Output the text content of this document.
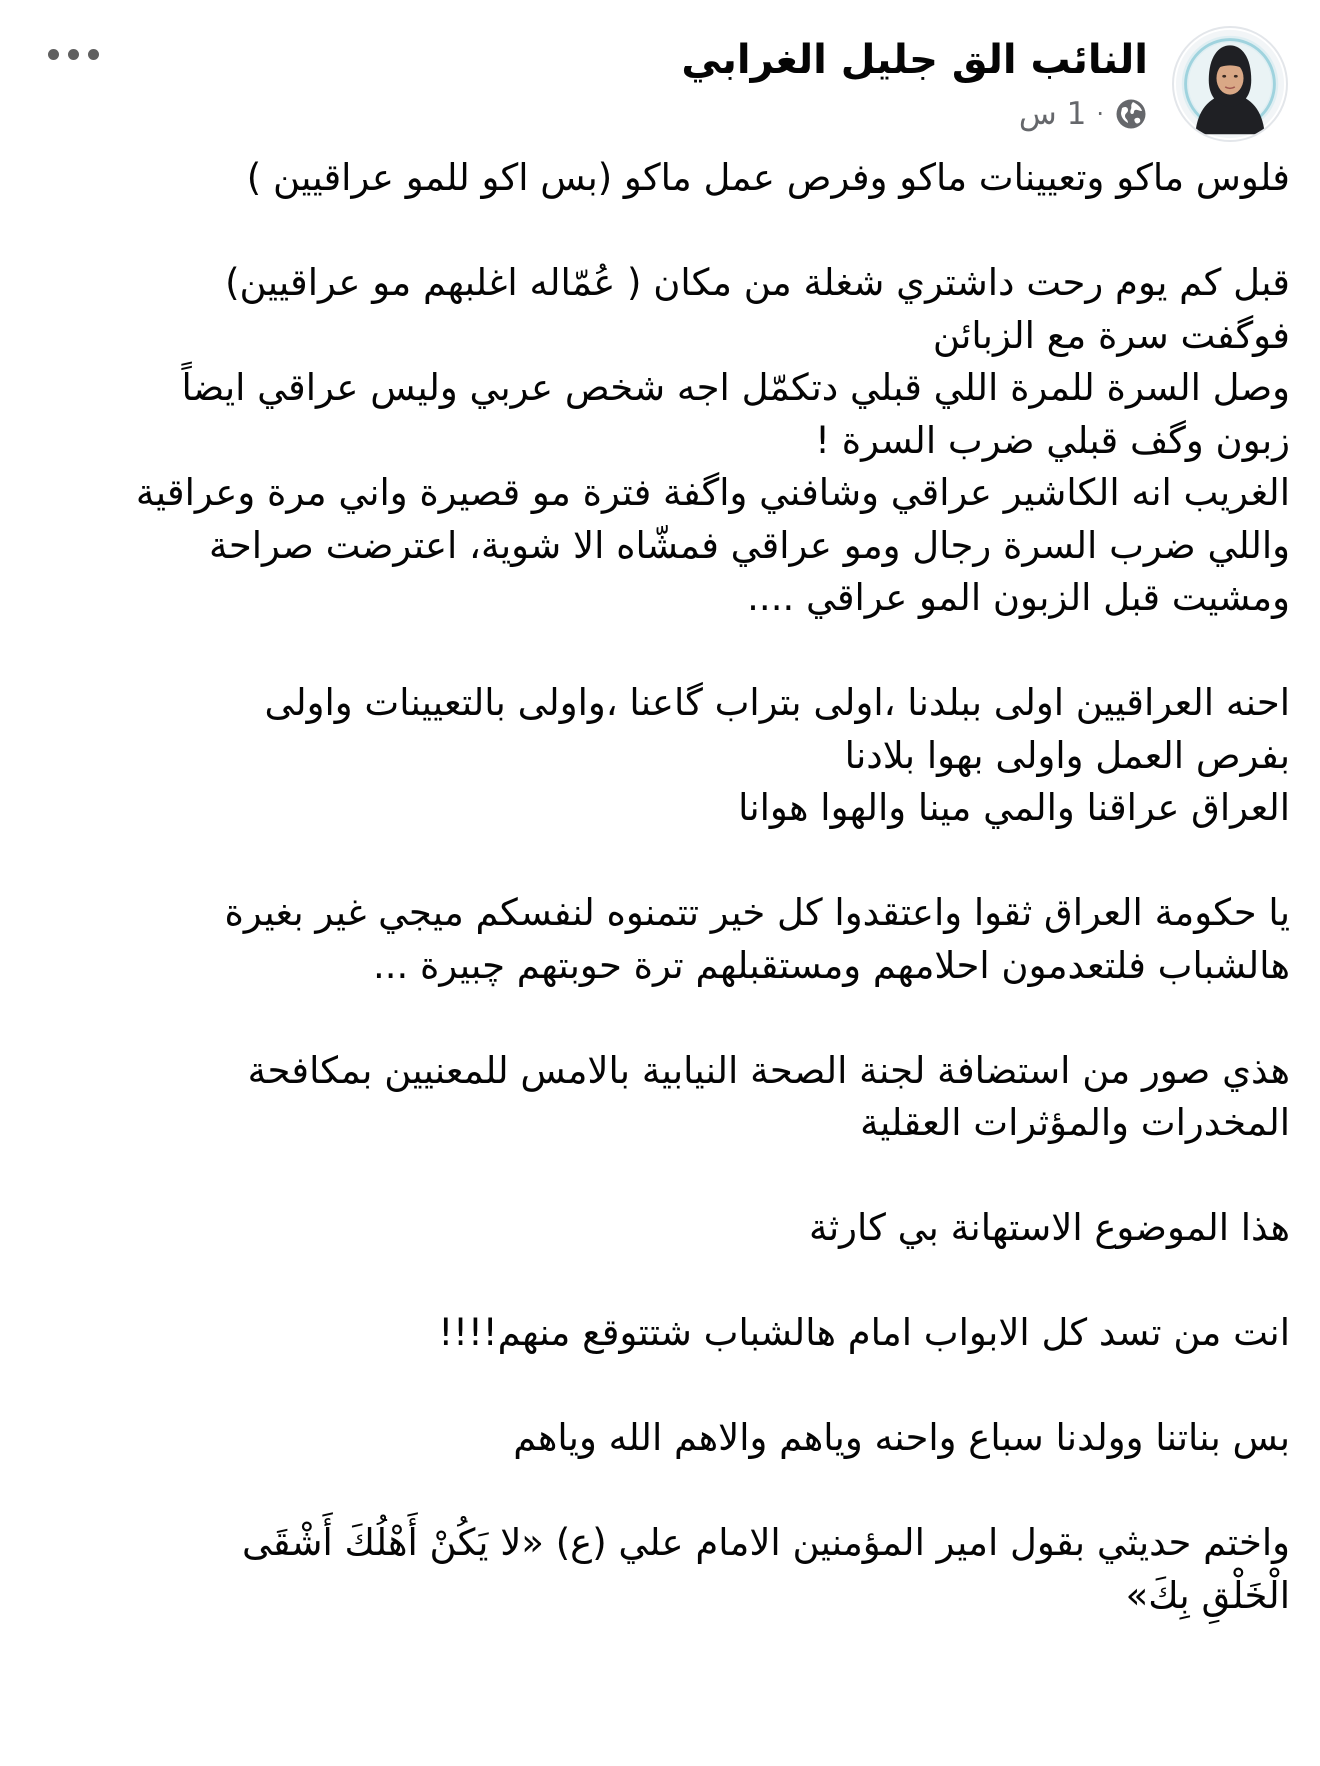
النائب الق جليل الغرابي
1 س ·
فلوس ماكو وتعيينات ماكو وفرص عمل ماكو (بس اكو للمو عراقيين )
قبل كم يوم رحت داشتري شغلة من مكان ( عُمّاله اغلبهم مو عراقيين)
فوگفت سرة مع الزبائن
وصل السرة للمرة اللي قبلي دتكمّل اجه شخص عربي وليس عراقي ايضاً
زبون وگف قبلي ضرب السرة !
الغريب انه الكاشير عراقي وشافني واگفة فترة مو قصيرة واني مرة وعراقية
واللي ضرب السرة رجال ومو عراقي فمشّاه الا شوية، اعترضت صراحة
ومشيت قبل الزبون المو عراقي ....
احنه العراقيين اولى ببلدنا ،اولى بتراب گاعنا ،واولى بالتعيينات واولى
بفرص العمل واولى بهوا بلادنا
العراق عراقنا والمي مينا والهوا هوانا
يا حكومة العراق ثقوا واعتقدوا كل خير تتمنوه لنفسكم ميجي غير بغيرة
هالشباب فلتعدمون احلامهم ومستقبلهم ترة حوبتهم چبيرة ...
هذي صور من استضافة لجنة الصحة النيابية بالامس للمعنيين بمكافحة
المخدرات والمؤثرات العقلية
هذا الموضوع الاستهانة بي كارثة
انت من تسد كل الابواب امام هالشباب شتتوقع منهم!!!!
بس بناتنا وولدنا سباع واحنه وياهم والاهم الله وياهم
واختم حديثي بقول امير المؤمنين الامام علي (ع) «لا يَكُنْ أَهْلُكَ أَشْقَى
الْخَلْقِ بِكَ»
